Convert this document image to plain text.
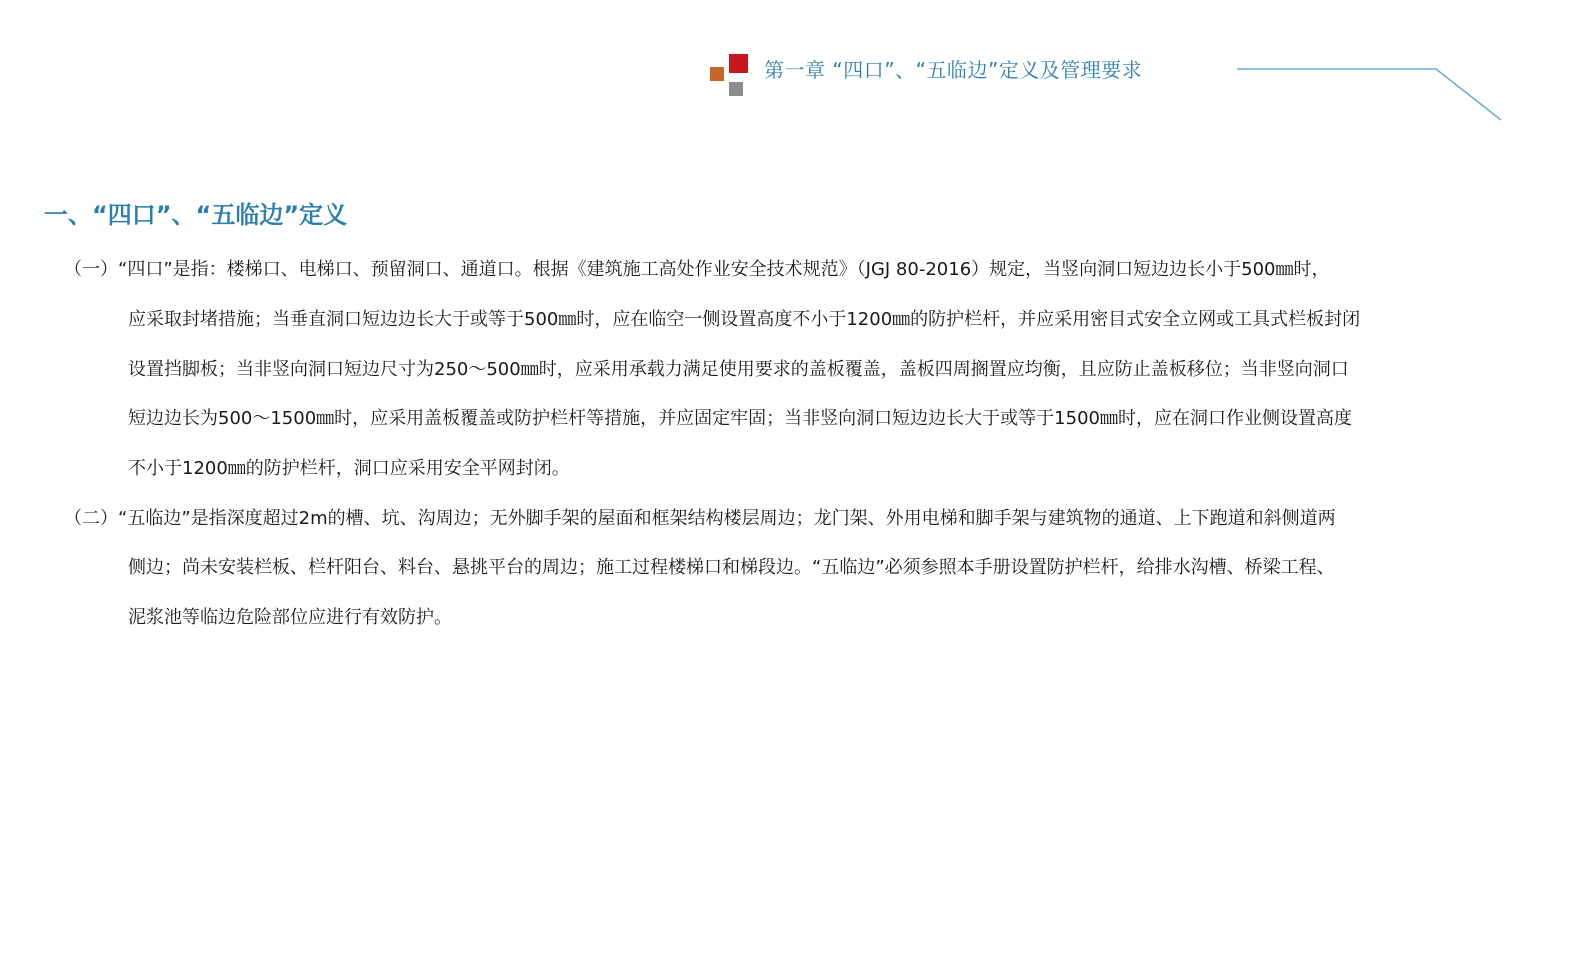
第一章 “四口”、“五临边”定义及管理要求
一、“四口”、“五临边”定义
（一）“四口”是指：楼梯口、电梯口、预留洞口、通道口。根据《建筑施工高处作业安全技术规范》（JGJ 80-2016）规定，当竖向洞口短边边长小于500㎜时，
应采取封堵措施；当垂直洞口短边边长大于或等于500㎜时，应在临空一侧设置高度不小于1200㎜的防护栏杆，并应采用密目式安全立网或工具式栏板封闭
设置挡脚板；当非竖向洞口短边尺寸为250～500㎜时，应采用承载力满足使用要求的盖板覆盖，盖板四周搁置应均衡，且应防止盖板移位；当非竖向洞口
短边边长为500～1500㎜时，应采用盖板覆盖或防护栏杆等措施，并应固定牢固；当非竖向洞口短边边长大于或等于1500㎜时，应在洞口作业侧设置高度
不小于1200㎜的防护栏杆，洞口应采用安全平网封闭。
（二）“五临边”是指深度超过2m的槽、坑、沟周边；无外脚手架的屋面和框架结构楼层周边；龙门架、外用电梯和脚手架与建筑物的通道、上下跑道和斜侧道两
侧边；尚未安装栏板、栏杆阳台、料台、悬挑平台的周边；施工过程楼梯口和梯段边。“五临边”必须参照本手册设置防护栏杆，给排水沟槽、桥梁工程、
泥浆池等临边危险部位应进行有效防护。
